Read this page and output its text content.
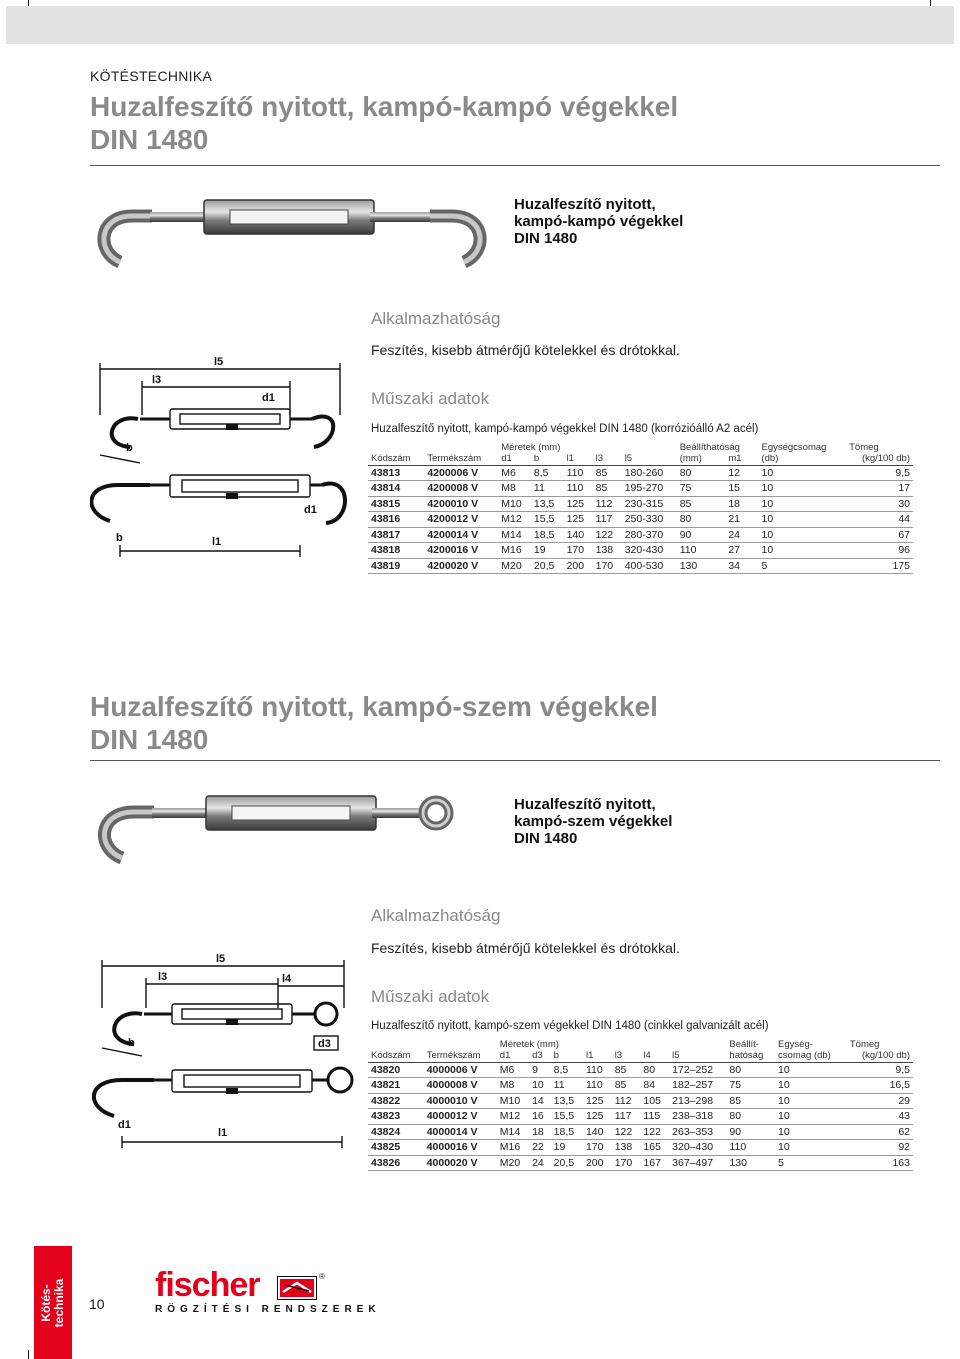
KÖTÉSTECHNIKA
Huzalfeszítő nyitott, kampó-kampó végekkel
DIN 1480
Huzalfeszítő nyitott,
kampó-kampó végekkel
DIN 1480
Alkalmazhatóság
Feszítés, kisebb átmérőjű kötelekkel és drótokkal.
l5
l3
d1
b
d1
b	l1
Műszaki adatok
Huzalfeszítő nyitott, kampó-kampó végekkel DIN 1480 (korrózióálló A2 acél)
		Méretek (mm)					Beállíthatóság		Egységcsomag	Tömeg
Kódszám	Termékszám	d1	b	l1	l3	l5	(mm)	m1	(db)	(kg/100 db)
43813	4200006 V	M6	8,5	110	85	180-260	80	12	10	9,5
43814	4200008 V	M8	11	110	85	195-270	75	15	10	17
43815	4200010 V	M10	13,5	125	112	230-315	85	18	10	30
43816	4200012 V	M12	15,5	125	117	250-330	80	21	10	44
43817	4200014 V	M14	18,5	140	122	280-370	90	24	10	67
43818	4200016 V	M16	19	170	138	320-430	110	27	10	96
43819	4200020 V	M20	20,5	200	170	400-530	130	34	5	175
Huzalfeszítő nyitott, kampó-szem végekkel
DIN 1480
Huzalfeszítő nyitott,
kampó-szem végekkel
DIN 1480
Alkalmazhatóság
Feszítés, kisebb átmérőjű kötelekkel és drótokkal.
l5
l3	l4
d3
b
l1
d1
Műszaki adatok
Huzalfeszítő nyitott, kampó-szem végekkel DIN 1480 (cinkkel galvanizált acél)
		Méretek (mm)							Beállít-	Egység-	Tömeg
Kódszám	Termékszám	d1	d3	b	l1	l3	l4	l5	hatóság	csomag (db)	(kg/100 db)
43820	4000006 V	M6	9	8,5	110	85	80	172–252	80	10	9,5
43821	4000008 V	M8	10	11	110	85	84	182–257	75	10	16,5
43822	4000010 V	M10	14	13,5	125	112	105	213–298	85	10	29
43823	4000012 V	M12	16	15,5	125	117	115	238–318	80	10	43
43824	4000014 V	M14	18	18,5	140	122	122	263–353	90	10	62
43825	4000016 V	M16	22	19	170	138	165	320–430	110	10	92
43826	4000020 V	M20	24	20,5	200	170	167	367–497	130	5	163
Kötés- technika 10 fischer	®
RÖGZÍTÉSI RENDSZEREK
